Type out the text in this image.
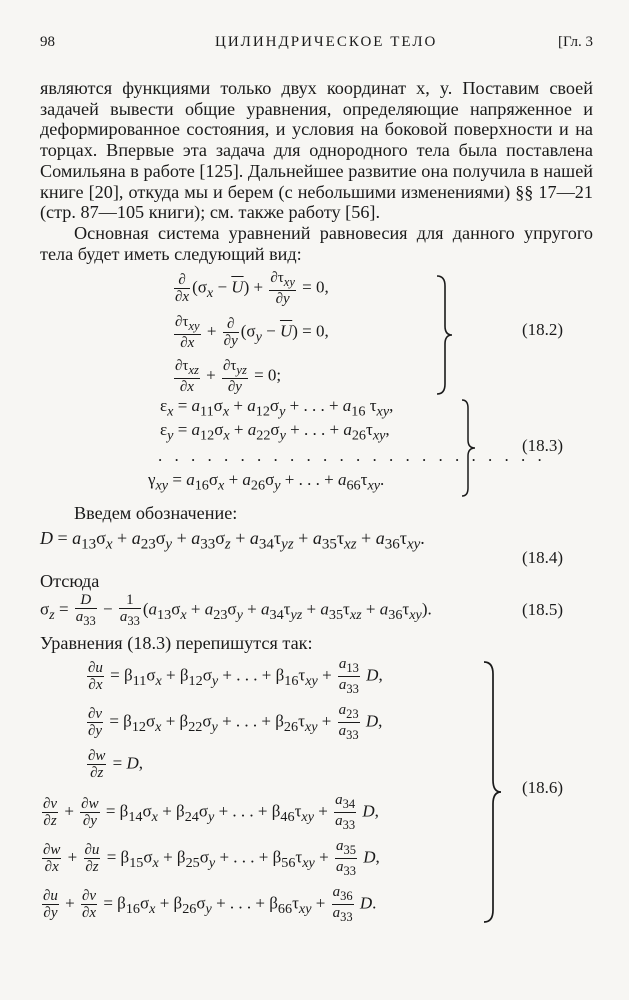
98	ЦИЛИНДРИЧЕСКОЕ ТЕЛО	[Гл. 3

являются функциями только двух координат x, y. Поставим своей задачей вывести общие уравнения, определяющие напряженное и деформированное состояния, и условия на боковой поверхности и на торцах. Впервые эта задача для однородного тела была поставлена Сомильяна в работе [125]. Дальнейшее развитие она получила в нашей книге [20], откуда мы и берем (с небольшими изменениями) §§ 17—21 (стр. 87—105 книги); см. также работу [56].

Основная система уравнений равновесия для данного упругого тела будет иметь следующий вид:

$\frac{\partial}{\partial x} (\sigma_x - \overline{U}) + \frac{\partial\tau_{xy}}{\partial y} = 0$,
$\frac{\partial\tau_{xy}}{\partial x} + \frac{\partial}{\partial y} (\sigma_y - \overline{U}) = 0$,
$\frac{\partial\tau_{xz}}{\partial x} + \frac{\partial\tau_{yz}}{\partial y} = 0$;
(18.2)
$\varepsilon_x = a_{11}\sigma_x + a_{12}\sigma_y$ + . . . + $a_{16}$ $\tau_{xy}$,
$\varepsilon_y = a_{12}\sigma_x + a_{22}\sigma_y$ + . . . + $a_{26}\tau_{xy}$,
. . . . . . . . . . . . . . . . . . . . . . . .
$\gamma_{xy} = a_{16}\sigma_x + a_{26}\sigma_y$ + . . . + $a_{66}\tau_{xy}$.
(18.3)

Введем обозначение:

$D = a_{13}\sigma_x + a_{23}\sigma_y + a_{33}\sigma_z + a_{34}\tau_{yz} + a_{35}\tau_{xz} + a_{36}\tau_{xy}$.
(18.4)

Отсюда

$\sigma_z = \frac{D}{a_{33}} - \frac{1}{a_{33}} (a_{13}\sigma_x + a_{23}\sigma_y + a_{34}\tau_{yz} + a_{35}\tau_{xz} + a_{36}\tau_{xy})$.	(18.5)

Уравнения (18.3) перепишутся так:

$\frac{\partial u}{\partial x} = \beta_{11}\sigma_x + \beta_{12}\sigma_y$ + . . . + $\beta_{16}\tau_{xy} + \frac{a_{13}}{a_{33}} D$,
$\frac{\partial v}{\partial y} = \beta_{12}\sigma_x + \beta_{22}\sigma_y$ + . . . + $\beta_{26}\tau_{xy} + \frac{a_{23}}{a_{33}} D$,
$\frac{\partial w}{\partial z} = D$,
$\frac{\partial v}{\partial z} + \frac{\partial w}{\partial y} = \beta_{14}\sigma_x + \beta_{24}\sigma_y$ + . . . + $\beta_{46}\tau_{xy} + \frac{a_{34}}{a_{33}} D$,
$\frac{\partial w}{\partial x} + \frac{\partial u}{\partial z} = \beta_{15}\sigma_x + \beta_{25}\sigma_y$ + . . . + $\beta_{56}\tau_{xy} + \frac{a_{35}}{a_{33}} D$,
$\frac{\partial u}{\partial y} + \frac{\partial v}{\partial x} = \beta_{16}\sigma_x + \beta_{26}\sigma_y$ + . . . + $\beta_{66}\tau_{xy} + \frac{a_{36}}{a_{33}} D$.
(18.6)
